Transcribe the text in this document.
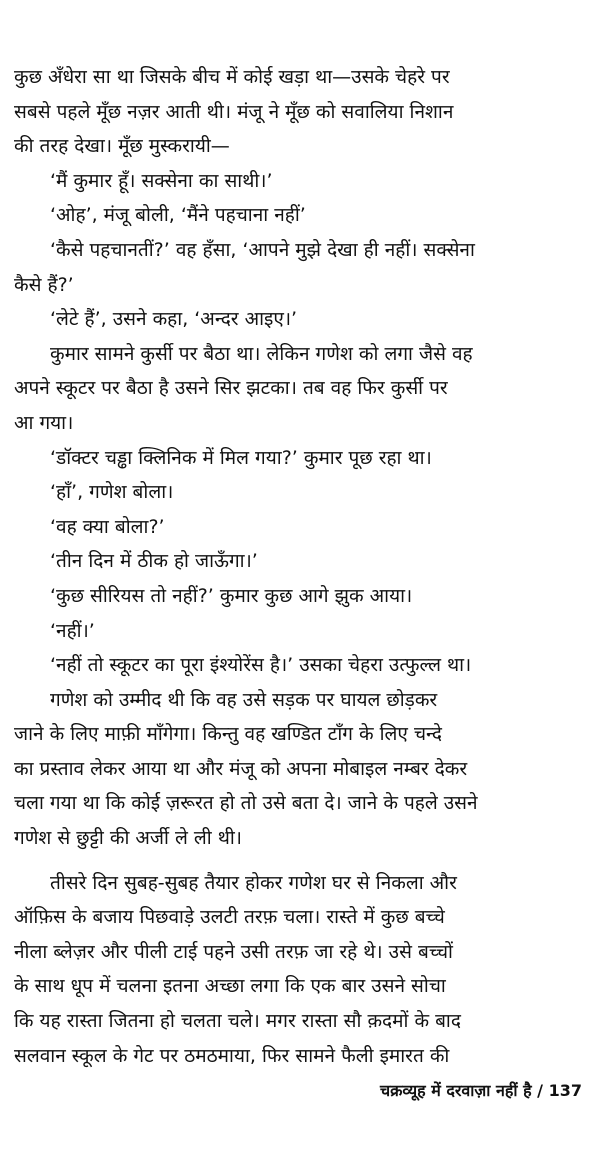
कुछ अँधेरा सा था जिसके बीच में कोई खड़ा था—उसके चेहरे पर
सबसे पहले मूँछ नज़र आती थी। मंजू ने मूँछ को सवालिया निशान
की तरह देखा। मूँछ मुस्करायी—
‘मैं कुमार हूँ। सक्सेना का साथी।’
‘ओह’, मंजू बोली, ‘मैंने पहचाना नहीं’
‘कैसे पहचानतीं?’ वह हँसा, ‘आपने मुझे देखा ही नहीं। सक्सेना
कैसे हैं?’
‘लेटे हैं’, उसने कहा, ‘अन्दर आइए।’
कुमार सामने कुर्सी पर बैठा था। लेकिन गणेश को लगा जैसे वह
अपने स्कूटर पर बैठा है उसने सिर झटका। तब वह फिर कुर्सी पर
आ गया।
‘डॉक्टर चड्ढा क्लिनिक में मिल गया?’ कुमार पूछ रहा था।
‘हाँ’, गणेश बोला।
‘वह क्या बोला?’
‘तीन दिन में ठीक हो जाऊँगा।’
‘कुछ सीरियस तो नहीं?’ कुमार कुछ आगे झुक आया।
‘नहीं।’
‘नहीं तो स्कूटर का पूरा इंश्योरेंस है।’ उसका चेहरा उत्फुल्ल था।
गणेश को उम्मीद थी कि वह उसे सड़क पर घायल छोड़कर
जाने के लिए माफ़ी माँगेगा। किन्तु वह खण्डित टाँग के लिए चन्दे
का प्रस्ताव लेकर आया था और मंजू को अपना मोबाइल नम्बर देकर
चला गया था कि कोई ज़रूरत हो तो उसे बता दे। जाने के पहले उसने
गणेश से छुट्टी की अर्जी ले ली थी।
तीसरे दिन सुबह-सुबह तैयार होकर गणेश घर से निकला और
ऑफ़िस के बजाय पिछवाड़े उलटी तरफ़ चला। रास्ते में कुछ बच्चे
नीला ब्लेज़र और पीली टाई पहने उसी तरफ़ जा रहे थे। उसे बच्चों
के साथ धूप में चलना इतना अच्छा लगा कि एक बार उसने सोचा
कि यह रास्ता जितना हो चलता चले। मगर रास्ता सौ क़दमों के बाद
सलवान स्कूल के गेट पर ठमठमाया, फिर सामने फैली इमारत की
चक्रव्यूह में दरवाज़ा नहीं है / 137
